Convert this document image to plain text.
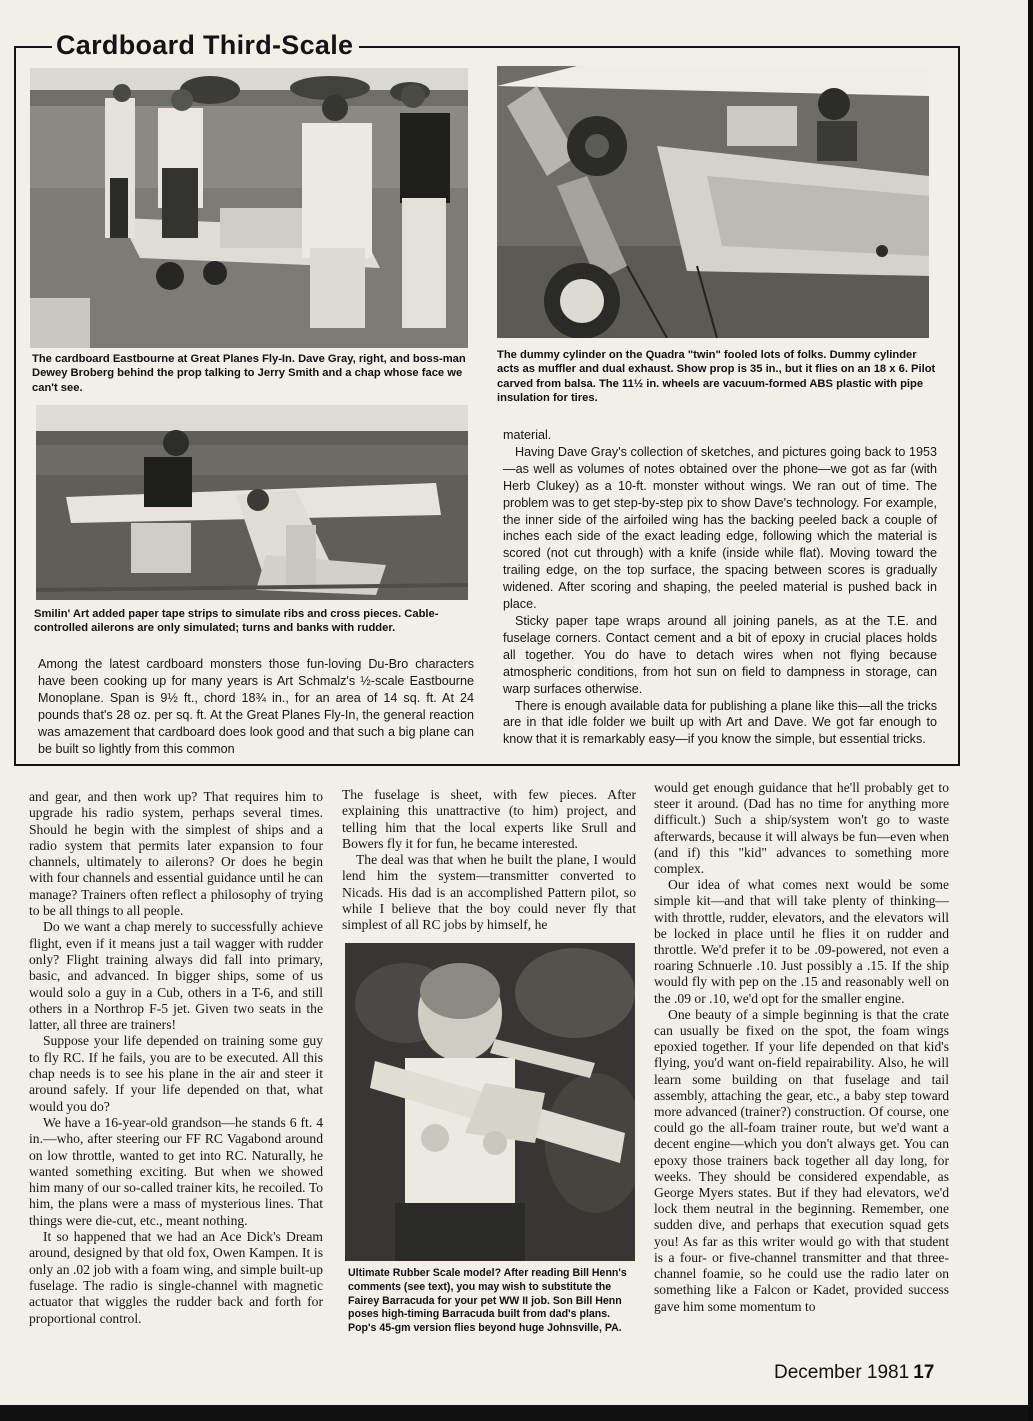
Cardboard Third-Scale
The cardboard Eastbourne at Great Planes Fly-In. Dave Gray, right, and boss-man Dewey Broberg behind the prop talking to Jerry Smith and a chap whose face we can't see.
The dummy cylinder on the Quadra "twin" fooled lots of folks. Dummy cylinder acts as muffler and dual exhaust. Show prop is 35 in., but it flies on an 18 x 6. Pilot carved from balsa. The 11½ in. wheels are vacuum-formed ABS plastic with pipe insulation for tires.
Smilin' Art added paper tape strips to simulate ribs and cross pieces. Cable-controlled ailerons are only simulated; turns and banks with rudder.
Ultimate Rubber Scale model? After reading Bill Henn's comments (see text), you may wish to substitute the Fairey Barracuda for your pet WW II job. Son Bill Henn poses high-timing Barracuda built from dad's plans. Pop's 45-gm version flies beyond huge Johnsville, PA.

Among the latest cardboard monsters those fun-loving Du-Bro characters have been cooking up for many years is Art Schmalz's ½-scale Eastbourne Monoplane. Span is 9½ ft., chord 18¾ in., for an area of 14 sq. ft. At 24 pounds that's 28 oz. per sq. ft. At the Great Planes Fly-In, the general reaction was amazement that cardboard does look good and that such a big plane can be built so lightly from this common

material.

Having Dave Gray's collection of sketches, and pictures going back to 1953—as well as volumes of notes obtained over the phone—we got as far (with Herb Clukey) as a 10-ft. monster without wings. We ran out of time. The problem was to get step-by-step pix to show Dave's technology. For example, the inner side of the airfoiled wing has the backing peeled back a couple of inches each side of the exact leading edge, following which the material is scored (not cut through) with a knife (inside while flat). Moving toward the trailing edge, on the top surface, the spacing between scores is gradually widened. After scoring and shaping, the peeled material is pushed back in place.

Sticky paper tape wraps around all joining panels, as at the T.E. and fuselage corners. Contact cement and a bit of epoxy in crucial places holds all together. You do have to detach wires when not flying because atmospheric conditions, from hot sun on field to dampness in storage, can warp surfaces otherwise.

There is enough available data for publishing a plane like this—all the tricks are in that idle folder we built up with Art and Dave. We got far enough to know that it is remarkably easy—if you know the simple, but essential tricks.

and gear, and then work up? That requires him to upgrade his radio system, perhaps several times. Should he begin with the simplest of ships and a radio system that permits later expansion to four channels, ultimately to ailerons? Or does he begin with four channels and essential guidance until he can manage? Trainers often reflect a philosophy of trying to be all things to all people.

Do we want a chap merely to successfully achieve flight, even if it means just a tail wagger with rudder only? Flight training always did fall into primary, basic, and advanced. In bigger ships, some of us would solo a guy in a Cub, others in a T-6, and still others in a Northrop F-5 jet. Given two seats in the latter, all three are trainers!

Suppose your life depended on training some guy to fly RC. If he fails, you are to be executed. All this chap needs is to see his plane in the air and steer it around safely. If your life depended on that, what would you do?

We have a 16-year-old grandson—he stands 6 ft. 4 in.—who, after steering our FF RC Vagabond around on low throttle, wanted to get into RC. Naturally, he wanted something exciting. But when we showed him many of our so-called trainer kits, he recoiled. To him, the plans were a mass of mysterious lines. That things were die-cut, etc., meant nothing.

It so happened that we had an Ace Dick's Dream around, designed by that old fox, Owen Kampen. It is only an .02 job with a foam wing, and simple built-up fuselage. The radio is single-channel with magnetic actuator that wiggles the rudder back and forth for proportional control.

The fuselage is sheet, with few pieces. After explaining this unattractive (to him) project, and telling him that the local experts like Srull and Bowers fly it for fun, he became interested.

The deal was that when he built the plane, I would lend him the system—transmitter converted to Nicads. His dad is an accomplished Pattern pilot, so while I believe that the boy could never fly that simplest of all RC jobs by himself, he

would get enough guidance that he'll probably get to steer it around. (Dad has no time for anything more difficult.) Such a ship/system won't go to waste afterwards, because it will always be fun—even when (and if) this "kid" advances to something more complex.

Our idea of what comes next would be some simple kit—and that will take plenty of thinking—with throttle, rudder, elevators, and the elevators will be locked in place until he flies it on rudder and throttle. We'd prefer it to be .09-powered, not even a roaring Schnuerle .10. Just possibly a .15. If the ship would fly with pep on the .15 and reasonably well on the .09 or .10, we'd opt for the smaller engine.

One beauty of a simple beginning is that the crate can usually be fixed on the spot, the foam wings epoxied together. If your life depended on that kid's flying, you'd want on-field repairability. Also, he will learn some building on that fuselage and tail assembly, attaching the gear, etc., a baby step toward more advanced (trainer?) construction. Of course, one could go the all-foam trainer route, but we'd want a decent engine—which you don't always get. You can epoxy those trainers back together all day long, for weeks. They should be considered expendable, as George Myers states. But if they had elevators, we'd lock them neutral in the beginning. Remember, one sudden dive, and perhaps that execution squad gets you! As far as this writer would go with that student is a four- or five-channel transmitter and that three-channel foamie, so he could use the radio later on something like a Falcon or Kadet, provided success gave him some momentum to

December 1981 17
